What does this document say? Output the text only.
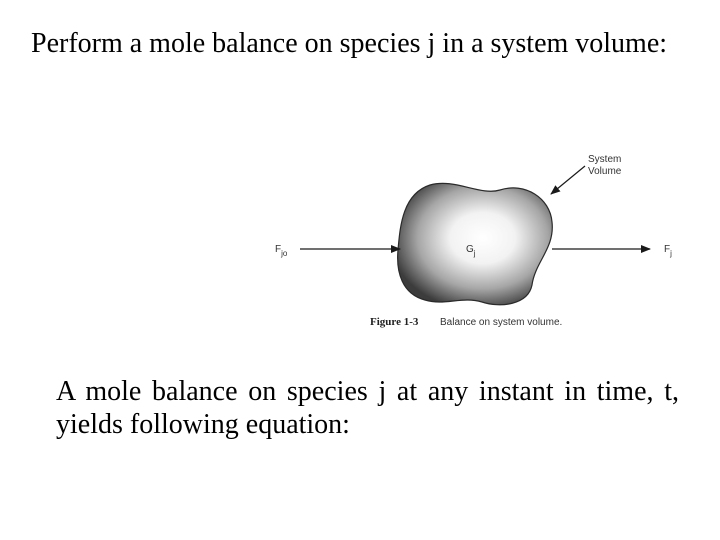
Perform a mole balance on species j in a system volume:

System Volume
$F_{jo}$	$G_j$	$F_j$
Figure 1-3 Balance on system volume.

A mole balance on species j at any instant in time, t, yields following equation:
